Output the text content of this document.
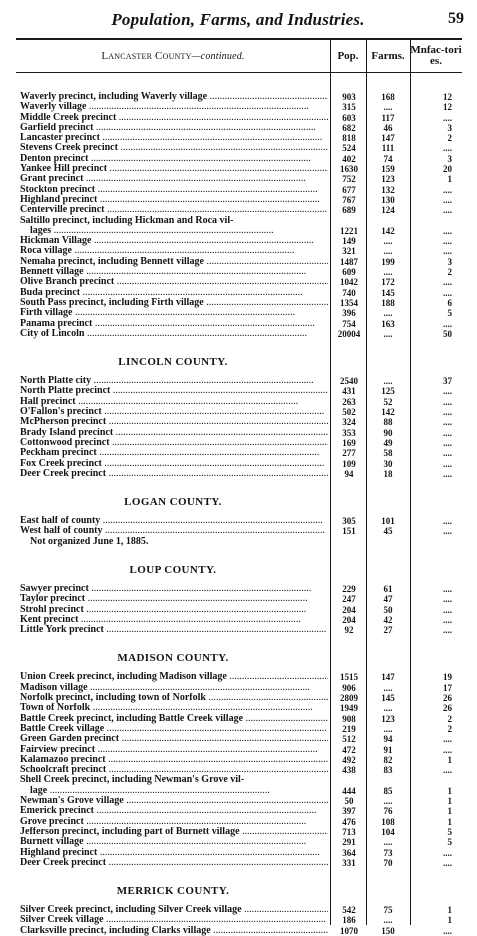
Population, Farms, and Industries.	59
Lancaster County—continued.	Pop.	Farms. Mnfac-tories.
Waverly precinct, including Waverly village .....	903	168	12
Waverly village .....	315	....	12
Middle Creek precinct .....	603	117	....
Garfield precinct .....	682	46	3
Lancaster precinct .....	818	147	2
Stevens Creek precinct .....	524	111	....
Denton precinct .....	402	74	3
Yankee Hill precinct .....	1630	159	20
Grant precinct .....	752	123	1
Stockton precinct .....	677	132	....
Highland precinct .....	767	130	....
Centerville precinct .....	689	124	....
Saltillo precinct, including Hickman and Roca vil-
lages .....	1221	142	....
Hickman Village .....	149	....	....
Roca village .....	321	....	....
Nemaha precinct, including Bennett village .....	1487	199	3
Bennett village .....	609	....	2
Olive Branch precinct .....	1042	172	....
Buda precinct .....	740	145	....
South Pass precinct, including Firth village .....	1354	188	6
Firth village .....	396	....	5
Panama precinct .....	754	163	....
City of Lincoln .....	20004	....	50
LINCOLN COUNTY.
North Platte city .....	2540	....	37
North Platte precinct .....	431	125	....
Hall precinct .....	263	52	....
O'Fallon's precinct .....	502	142	....
McPherson precinct .....	324	88	....
Brady Island precinct .....	353	90	....
Cottonwood precinct .....	169	49	....
Peckham precinct .....	277	58	....
Fox Creek precinct .....	109	30	....
Deer Creek precinct .....	94	18	....
LOGAN COUNTY.
East half of county .....	305	101	....
West half of county .....	151	45	....
Not organized June 1, 1885.
LOUP COUNTY.
Sawyer precinct .....	229	61	....
Taylor precinct .....	247	47	....
Strohl precinct .....	204	50	....
Kent precinct .....	204	42	....
Little York precinct .....	92	27	....
MADISON COUNTY.
Union Creek precinct, including Madison village .....	1515	147	19
Madison village .....	906	....	17
Norfolk precinct, including town of Norfolk .....	2809	145	26
Town of Norfolk .....	1949	....	26
Battle Creek precinct, including Battle Creek village .....	908	123	2
Battle Creek village .....	219	....	2
Green Garden precinct .....	512	94	....
Fairview precinct .....	472	91	....
Kalamazoo precinct .....	492	82	1
Schoolcraft precinct .....	438	83	....
Shell Creek precinct, including Newman's Grove vil-
lage .....	444	85	1
Newman's Grove village .....	50	....	1
Emerick precinct .....	397	76	1
Grove precinct .....	476	108	1
Jefferson precinct, including part of Burnett village .....	713	104	5
Burnett village .....	291	....	5
Highland precinct .....	364	73	....
Deer Creek precinct .....	331	70	....
MERRICK COUNTY.
Silver Creek precinct, including Silver Creek village .....	542	75	1
Silver Creek village .....	186	....	1
Clarksville precinct, including Clarks village .....	1070	150	....
